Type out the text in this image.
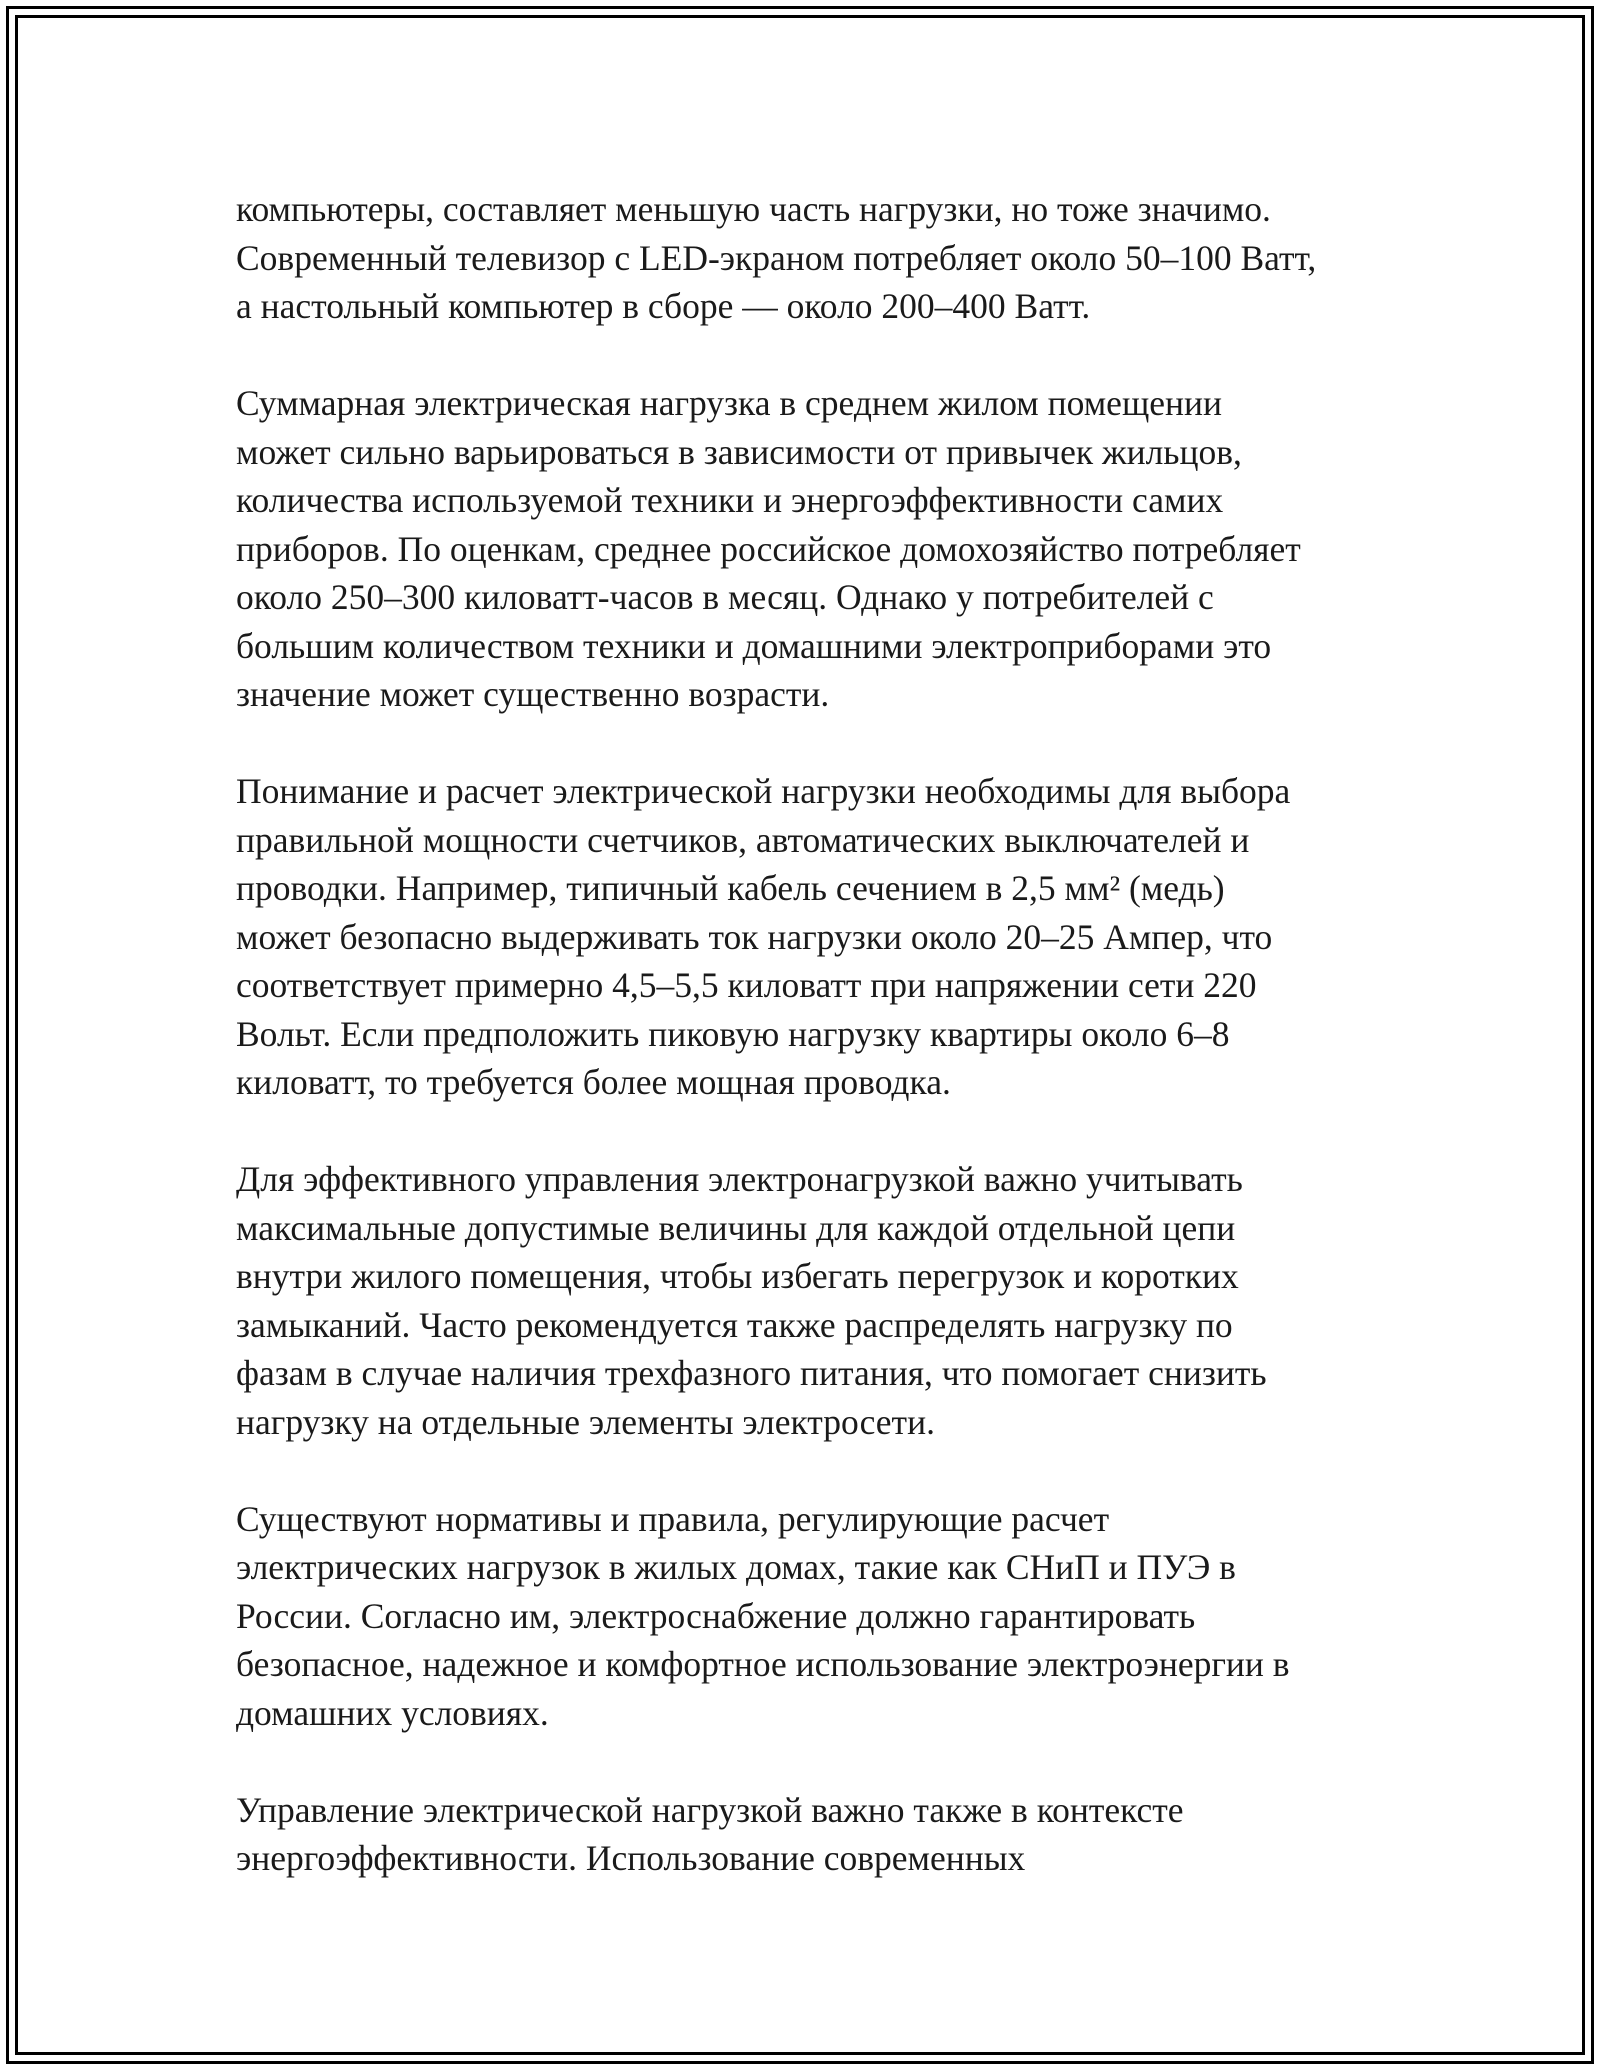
компьютеры, составляет меньшую часть нагрузки, но тоже значимо.
Современный телевизор с LED-экраном потребляет около 50–100 Ватт,
а настольный компьютер в сборе — около 200–400 Ватт.

Суммарная электрическая нагрузка в среднем жилом помещении
может сильно варьироваться в зависимости от привычек жильцов,
количества используемой техники и энергоэффективности самих
приборов. По оценкам, среднее российское домохозяйство потребляет
около 250–300 киловатт-часов в месяц. Однако у потребителей с
большим количеством техники и домашними электроприборами это
значение может существенно возрасти.

Понимание и расчет электрической нагрузки необходимы для выбора
правильной мощности счетчиков, автоматических выключателей и
проводки. Например, типичный кабель сечением в 2,5 мм² (медь)
может безопасно выдерживать ток нагрузки около 20–25 Ампер, что
соответствует примерно 4,5–5,5 киловатт при напряжении сети 220
Вольт. Если предположить пиковую нагрузку квартиры около 6–8
киловатт, то требуется более мощная проводка.

Для эффективного управления электронагрузкой важно учитывать
максимальные допустимые величины для каждой отдельной цепи
внутри жилого помещения, чтобы избегать перегрузок и коротких
замыканий. Часто рекомендуется также распределять нагрузку по
фазам в случае наличия трехфазного питания, что помогает снизить
нагрузку на отдельные элементы электросети.

Существуют нормативы и правила, регулирующие расчет
электрических нагрузок в жилых домах, такие как СНиП и ПУЭ в
России. Согласно им, электроснабжение должно гарантировать
безопасное, надежное и комфортное использование электроэнергии в
домашних условиях.

Управление электрической нагрузкой важно также в контексте
энергоэффективности. Использование современных
